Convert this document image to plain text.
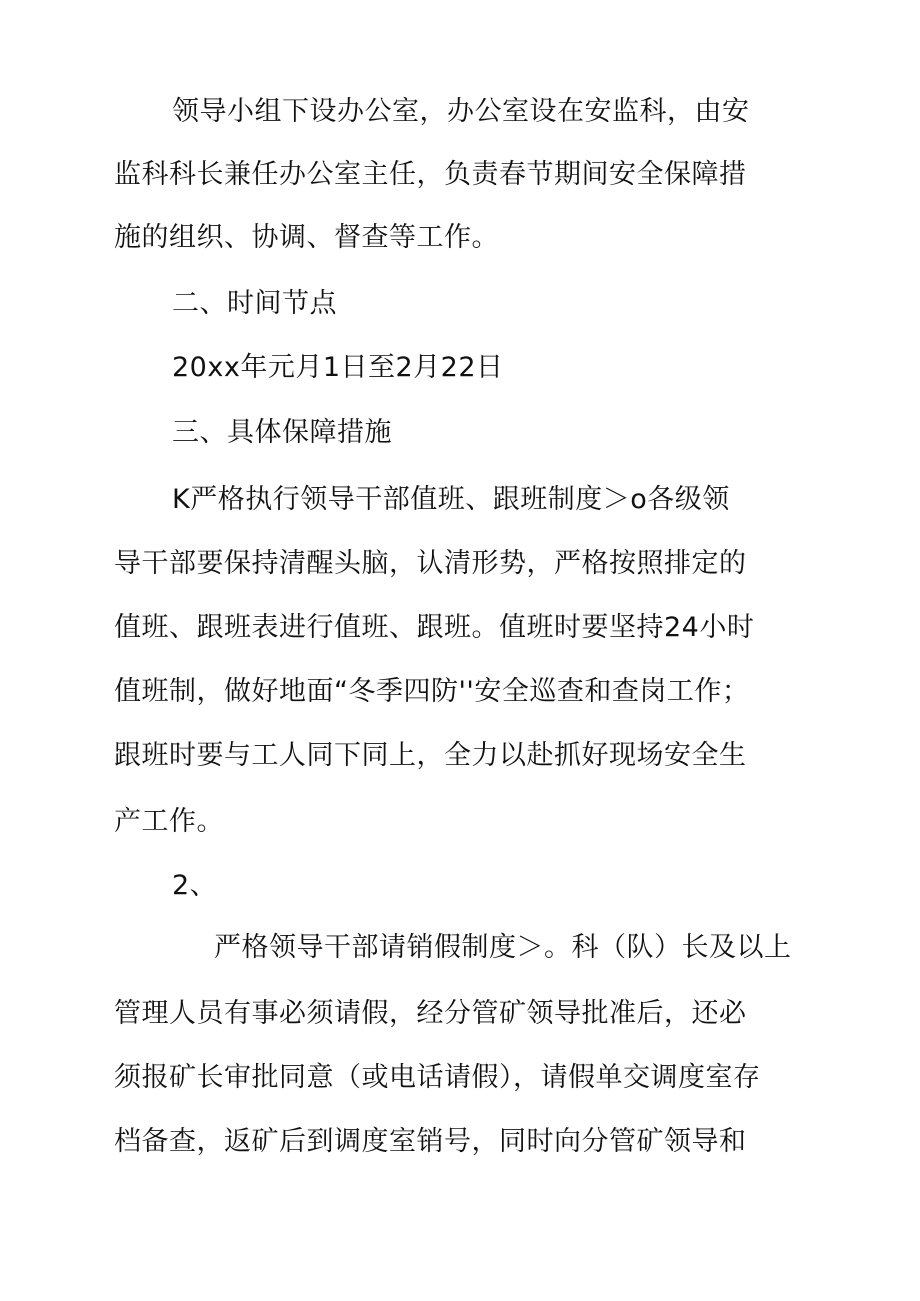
领导小组下设办公室，办公室设在安监科，由安
监科科长兼任办公室主任，负责春节期间安全保障措
施的组织、协调、督查等工作。
二、时间节点
20xx年元月1日至2月22日
三、具体保障措施
K严格执行领导干部值班、跟班制度＞o各级领
导干部要保持清醒头脑，认清形势，严格按照排定的
值班、跟班表进行值班、跟班。值班时要坚持24小时
值班制，做好地面“冬季四防''安全巡查和查岗工作；
跟班时要与工人同下同上，全力以赴抓好现场安全生
产工作。
2、
严格领导干部请销假制度＞。科（队）长及以上
管理人员有事必须请假，经分管矿领导批准后，还必
须报矿长审批同意（或电话请假），请假单交调度室存
档备查，返矿后到调度室销号，同时向分管矿领导和
